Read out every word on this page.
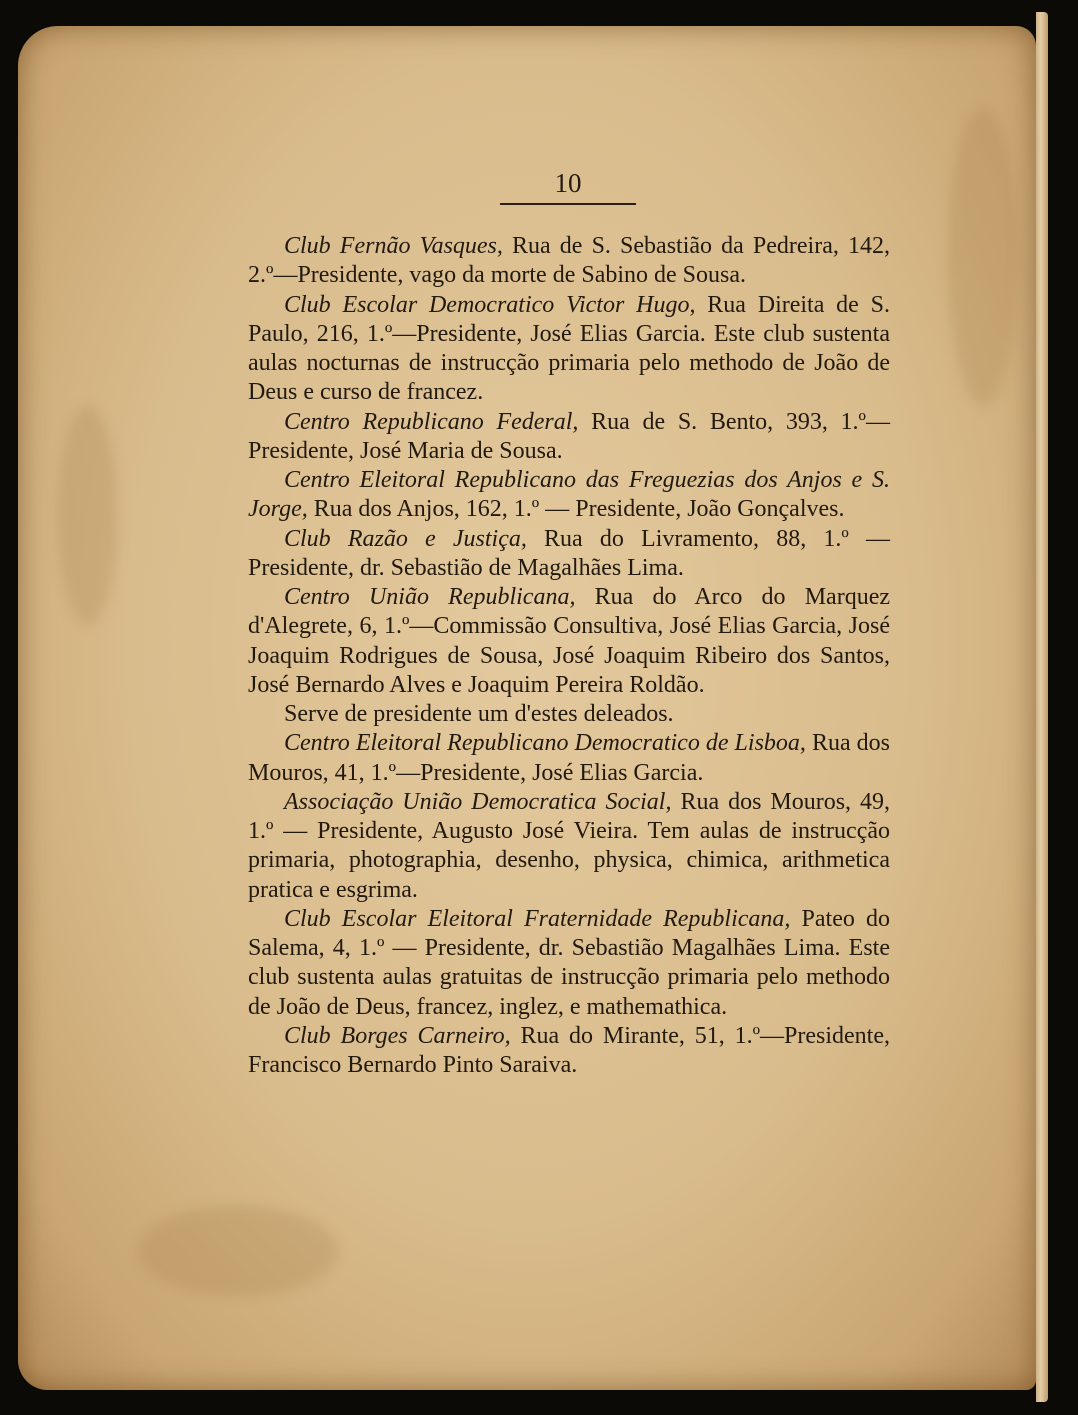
10

Club Fernão Vasques, Rua de S. Sebastião da Pedreira, 142, 2.º—Presidente, vago da morte de Sabino de Sousa.

Club Escolar Democratico Victor Hugo, Rua Direita de S. Paulo, 216, 1.º—Presidente, José Elias Garcia. Este club sustenta aulas nocturnas de instrucção primaria pelo methodo de João de Deus e curso de francez.

Centro Republicano Federal, Rua de S. Bento, 393, 1.º—Presidente, José Maria de Sousa.

Centro Eleitoral Republicano das Freguezias dos Anjos e S. Jorge, Rua dos Anjos, 162, 1.º — Presidente, João Gonçalves.

Club Razão e Justiça, Rua do Livramento, 88, 1.º —Presidente, dr. Sebastião de Magalhães Lima.

Centro União Republicana, Rua do Arco do Marquez d'Alegrete, 6, 1.º—Commissão Consultiva, José Elias Garcia, José Joaquim Rodrigues de Sousa, José Joaquim Ribeiro dos Santos, José Bernardo Alves e Joaquim Pereira Roldão.

Serve de presidente um d'estes deleados.

Centro Eleitoral Republicano Democratico de Lisboa, Rua dos Mouros, 41, 1.º—Presidente, José Elias Garcia.

Associação União Democratica Social, Rua dos Mouros, 49, 1.º — Presidente, Augusto José Vieira. Tem aulas de instrucção primaria, photographia, desenho, physica, chimica, arithmetica pratica e esgrima.

Club Escolar Eleitoral Fraternidade Republicana, Pateo do Salema, 4, 1.º — Presidente, dr. Sebastião Magalhães Lima. Este club sustenta aulas gratuitas de instrucção primaria pelo methodo de João de Deus, francez, inglez, e mathemathica.

Club Borges Carneiro, Rua do Mirante, 51, 1.º—Presidente, Francisco Bernardo Pinto Saraiva.
